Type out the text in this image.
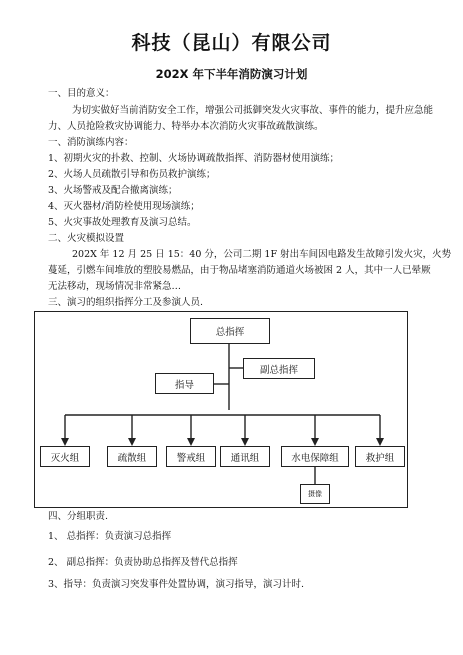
科技（昆山）有限公司
202X 年下半年消防演习计划
一、目的意义：
为切实做好当前消防安全工作，增强公司抵御突发火灾事故、事件的能力，提升应急能
力、人员抢险救灾协调能力、特举办本次消防火灾事故疏散演练。
一、消防演练内容：
1、初期火灾的扑救、控制、火场协调疏散指挥、消防器材使用演练；
2、火场人员疏散引导和伤员救护演练；
3、火场警戒及配合撤离演练；
4、灭火器材/消防栓使用现场演练；
5、火灾事故处理教育及演习总结。
二、火灾模拟设置
202X 年 12 月 25 日 15：40 分，公司二期 1F 射出车间因电路发生故障引发火灾，火势
蔓延，引燃车间堆放的塑胶易燃品，由于物品堵塞消防通道火场被困 2 人，其中一人已晕厥
无法移动，现场情况非常紧急…
三、演习的组织指挥分工及参演人员.
总指挥
副总指挥
指导
灭火组	疏散组	警戒组	通讯组	水电保障组	救护组
摄像
四、分组职责.
1、 总指挥：负责演习总指挥
2、 副总指挥：负责协助总指挥及替代总指挥
3、指导：负责演习突发事件处置协调，演习指导，演习计时.
